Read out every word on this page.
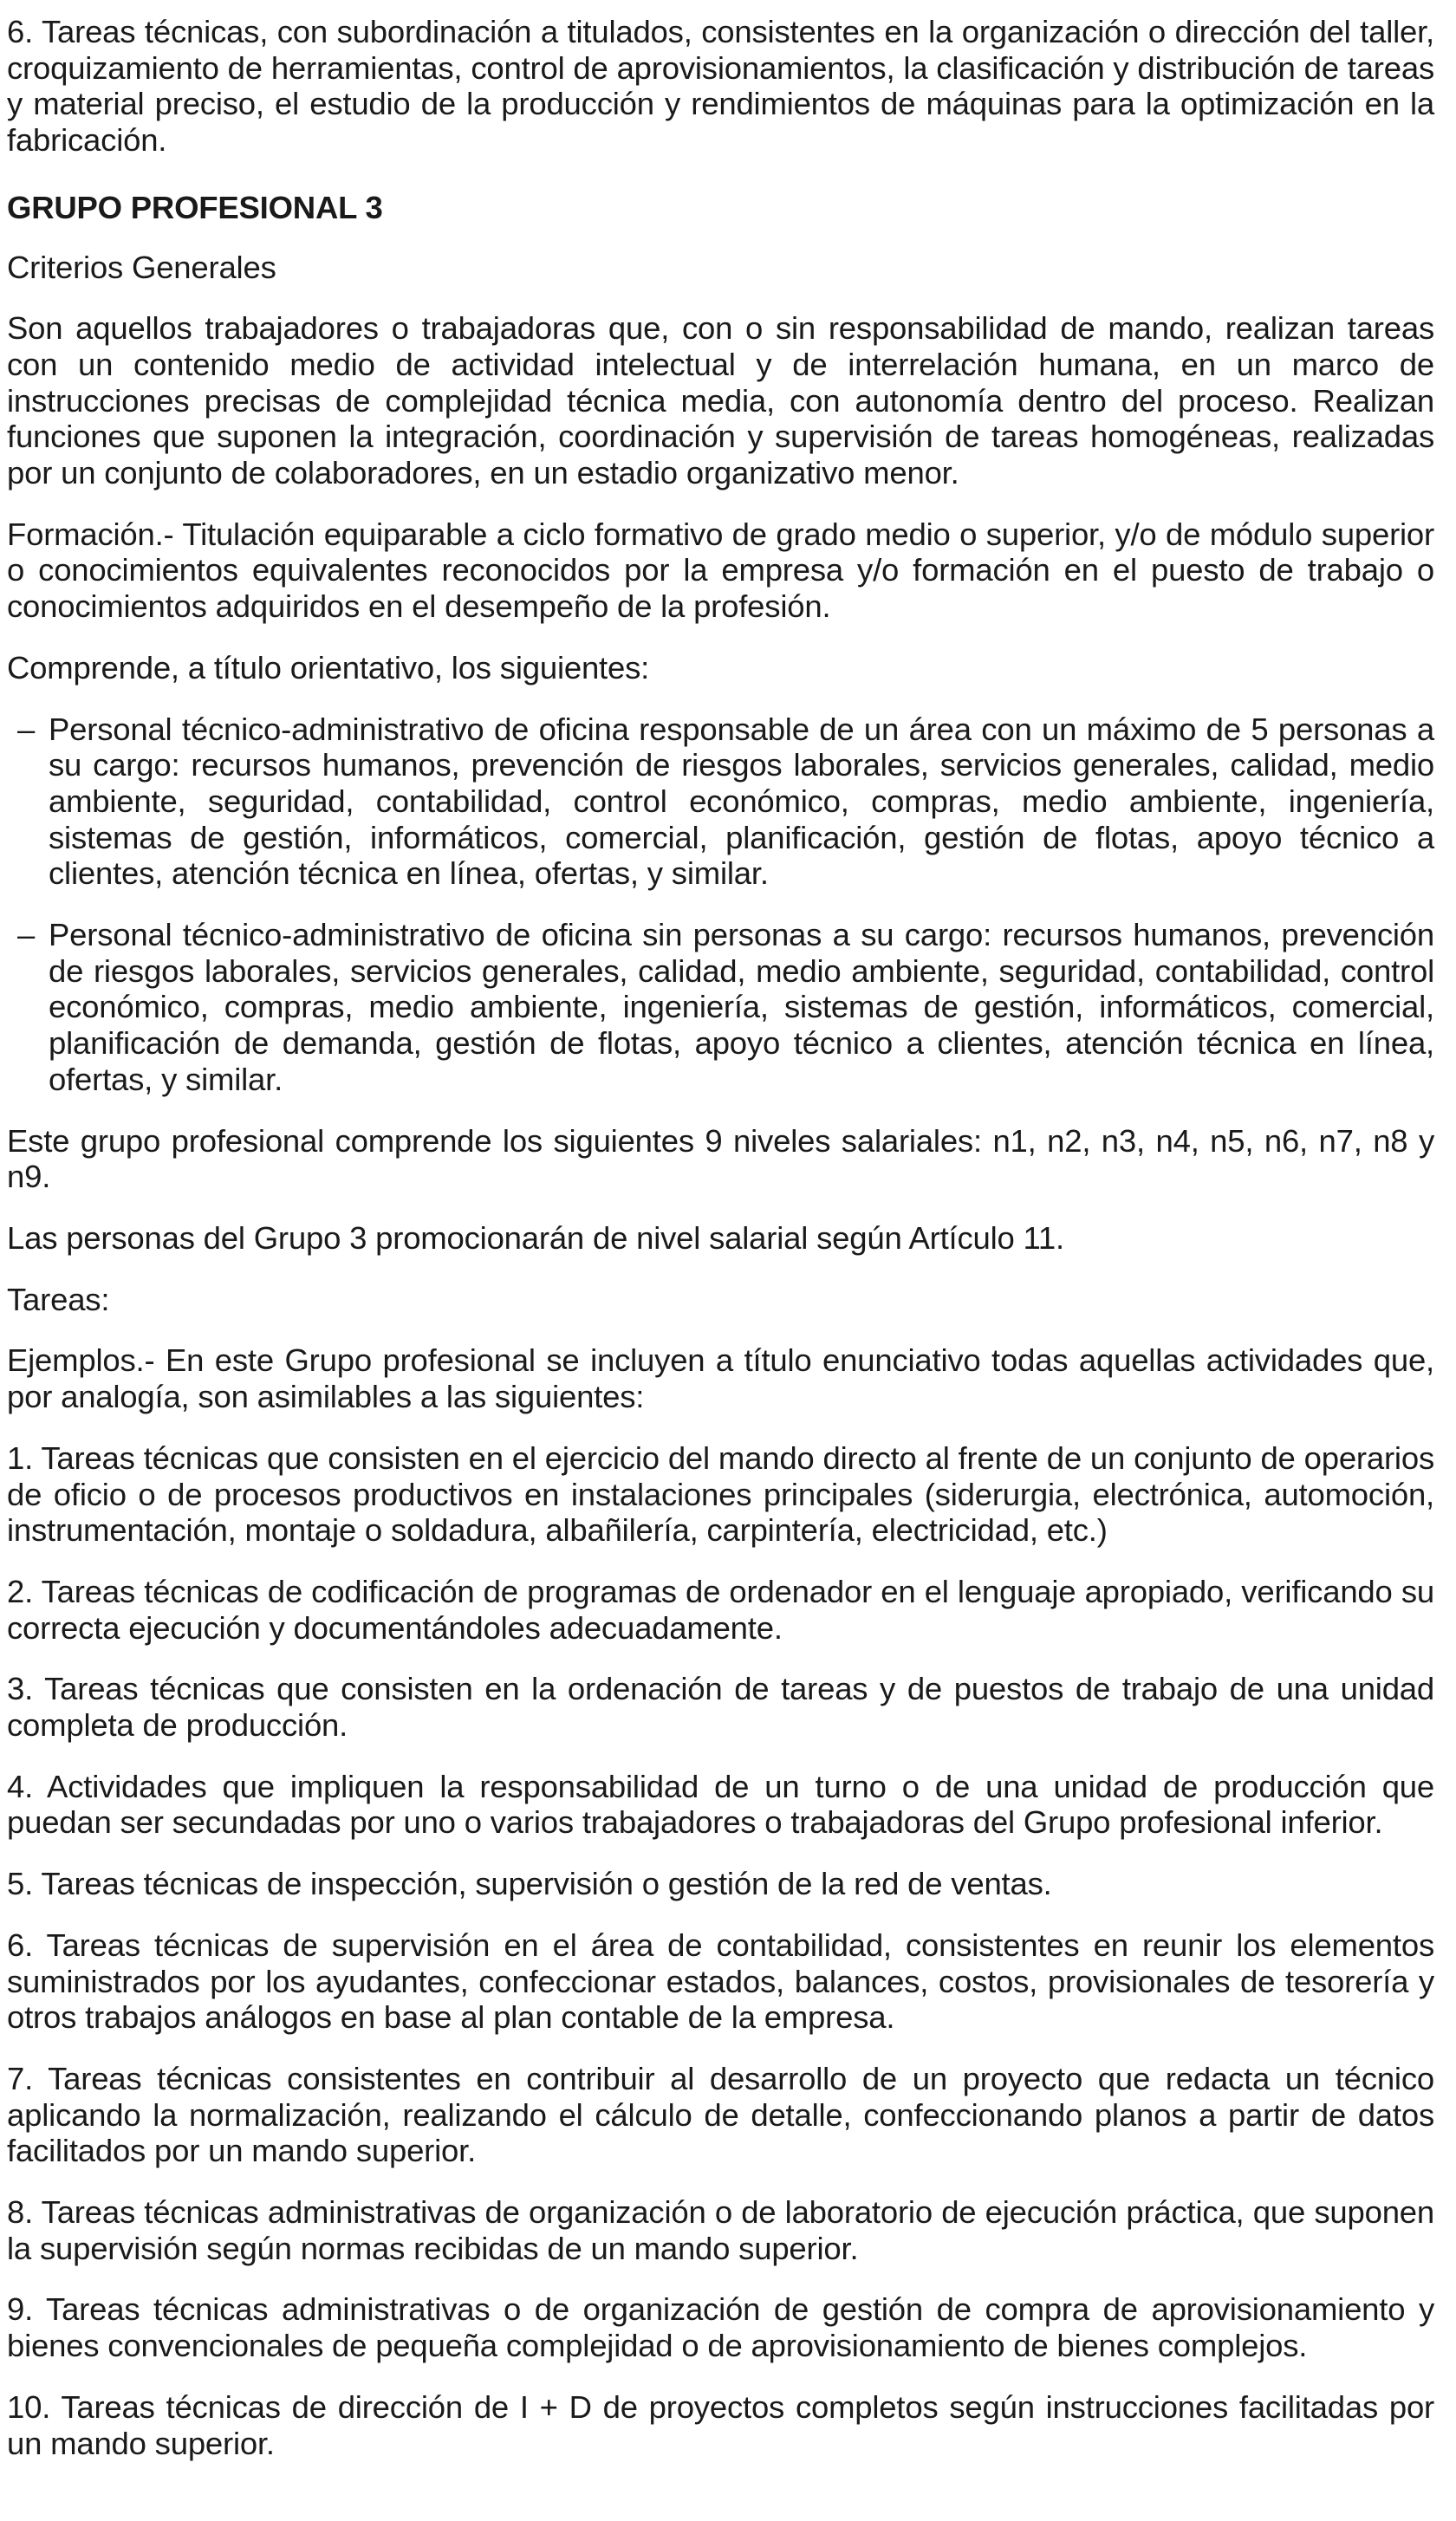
6. Tareas técnicas, con subordinación a titulados, consistentes en la organización o dirección del taller, croquizamiento de herramientas, control de aprovisionamientos, la clasificación y distribución de tareas y material preciso, el estudio de la producción y rendimientos de máquinas para la optimización en la fabricación.

GRUPO PROFESIONAL 3

Criterios Generales

Son aquellos trabajadores o trabajadoras que, con o sin responsabilidad de mando, realizan tareas con un contenido medio de actividad intelectual y de interrelación humana, en un marco de instrucciones precisas de complejidad técnica media, con autonomía dentro del proceso. Realizan funciones que suponen la integración, coordinación y supervisión de tareas homogéneas, realizadas por un conjunto de colaboradores, en un estadio organizativo menor.

Formación.- Titulación equiparable a ciclo formativo de grado medio o superior, y/o de módulo superior o conocimientos equivalentes reconocidos por la empresa y/o formación en el puesto de trabajo o conocimientos adquiridos en el desempeño de la profesión.

Comprende, a título orientativo, los siguientes:

– Personal técnico-administrativo de oficina responsable de un área con un máximo de 5 personas a su cargo: recursos humanos, prevención de riesgos laborales, servicios generales, calidad, medio ambiente, seguridad, contabilidad, control económico, compras, medio ambiente, ingeniería, sistemas de gestión, informáticos, comercial, planificación, gestión de flotas, apoyo técnico a clientes, atención técnica en línea, ofertas, y similar.
– Personal técnico-administrativo de oficina sin personas a su cargo: recursos humanos, prevención de riesgos laborales, servicios generales, calidad, medio ambiente, seguridad, contabilidad, control económico, compras, medio ambiente, ingeniería, sistemas de gestión, informáticos, comercial, planificación de demanda, gestión de flotas, apoyo técnico a clientes, atención técnica en línea, ofertas, y similar.

Este grupo profesional comprende los siguientes 9 niveles salariales: n1, n2, n3, n4, n5, n6, n7, n8 y n9.

Las personas del Grupo 3 promocionarán de nivel salarial según Artículo 11.

Tareas:

Ejemplos.- En este Grupo profesional se incluyen a título enunciativo todas aquellas actividades que, por analogía, son asimilables a las siguientes:

1. Tareas técnicas que consisten en el ejercicio del mando directo al frente de un conjunto de operarios de oficio o de procesos productivos en instalaciones principales (siderurgia, electrónica, automoción, instrumentación, montaje o soldadura, albañilería, carpintería, electricidad, etc.)

2. Tareas técnicas de codificación de programas de ordenador en el lenguaje apropiado, verificando su correcta ejecución y documentándoles adecuadamente.

3. Tareas técnicas que consisten en la ordenación de tareas y de puestos de trabajo de una unidad completa de producción.

4. Actividades que impliquen la responsabilidad de un turno o de una unidad de producción que puedan ser secundadas por uno o varios trabajadores o trabajadoras del Grupo profesional inferior.

5. Tareas técnicas de inspección, supervisión o gestión de la red de ventas.

6. Tareas técnicas de supervisión en el área de contabilidad, consistentes en reunir los elementos suministrados por los ayudantes, confeccionar estados, balances, costos, provisionales de tesorería y otros trabajos análogos en base al plan contable de la empresa.

7. Tareas técnicas consistentes en contribuir al desarrollo de un proyecto que redacta un técnico aplicando la normalización, realizando el cálculo de detalle, confeccionando planos a partir de datos facilitados por un mando superior.

8. Tareas técnicas administrativas de organización o de laboratorio de ejecución práctica, que suponen la supervisión según normas recibidas de un mando superior.

9. Tareas técnicas administrativas o de organización de gestión de compra de aprovisionamiento y bienes convencionales de pequeña complejidad o de aprovisionamiento de bienes complejos.

10. Tareas técnicas de dirección de I + D de proyectos completos según instrucciones facilitadas por un mando superior.
